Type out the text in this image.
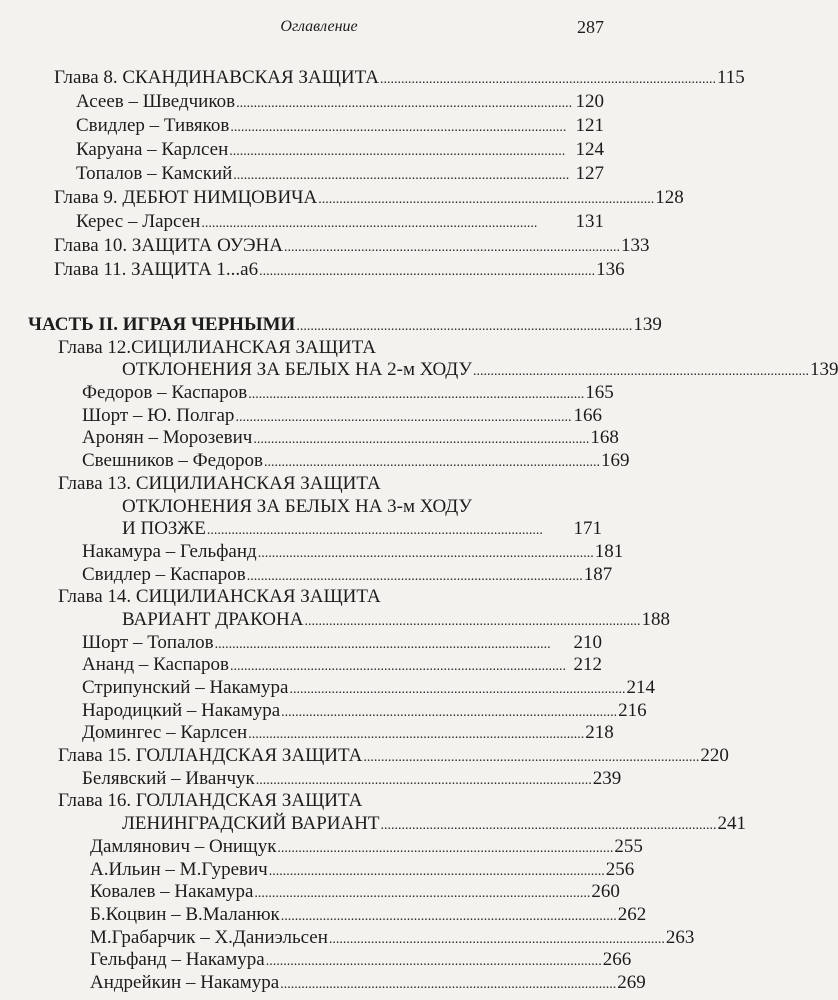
Оглавление	287
Глава 8. СКАНДИНАВСКАЯ ЗАЩИТА ................................................................................................ 115
Асеев – Шведчиков ................................................................................................ 120
Свидлер – Тивяков ................................................................................................ 121
Каруана – Карлсен ................................................................................................ 124
Топалов – Камский ................................................................................................ 127
Глава 9. ДЕБЮТ НИМЦОВИЧА ................................................................................................ 128
Керес – Ларсен ................................................................................................	131
Глава 10. ЗАЩИТА ОУЭНА ................................................................................................ 133
Глава 11. ЗАЩИТА 1...а6 ................................................................................................ 136
ЧАСТЬ II. ИГРАЯ ЧЕРНЫМИ ................................................................................................ 139
Глава 12.СИЦИЛИАНСКАЯ ЗАЩИТА
ОТКЛОНЕНИЯ ЗА БЕЛЫХ НА 2-м ХОДУ ................................................................................................ 139
Федоров – Каспаров ................................................................................................ 165
Шорт – Ю. Полгар ................................................................................................ 166
Аронян – Морозевич ................................................................................................ 168
Свешников – Федоров ................................................................................................ 169
Глава 13. СИЦИЛИАНСКАЯ ЗАЩИТА
ОТКЛОНЕНИЯ ЗА БЕЛЫХ НА 3-м ХОДУ
И ПОЗЖЕ ................................................................................................	171
Накамура – Гельфанд ................................................................................................ 181
Свидлер – Каспаров ................................................................................................ 187
Глава 14. СИЦИЛИАНСКАЯ ЗАЩИТА
ВАРИАНТ ДРАКОНА ................................................................................................ 188
Шорт – Топалов ................................................................................................	210
Ананд – Каспаров ................................................................................................ 212
Стрипунский – Накамура ................................................................................................ 214
Народицкий – Накамура ................................................................................................ 216
Домингес – Карлсен ................................................................................................ 218
Глава 15. ГОЛЛАНДСКАЯ ЗАЩИТА ................................................................................................ 220
Белявский – Иванчук ................................................................................................ 239
Глава 16. ГОЛЛАНДСКАЯ ЗАЩИТА
ЛЕНИНГРАДСКИЙ ВАРИАНТ ................................................................................................ 241
Дамлянович – Онищук ................................................................................................ 255
А.Ильин – М.Гуревич ................................................................................................ 256
Ковалев – Накамура ................................................................................................ 260
Б.Коцвин – В.Маланюк ................................................................................................ 262
М.Грабарчик – Х.Даниэльсен ................................................................................................ 263
Гельфанд – Накамура ................................................................................................ 266
Андрейкин – Накамура ................................................................................................ 269
